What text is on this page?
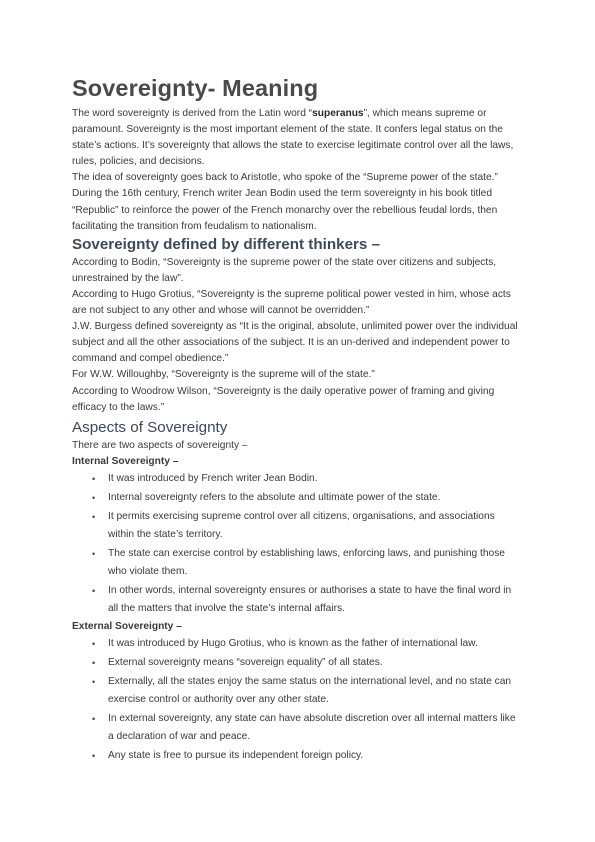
Sovereignty- Meaning

The word sovereignty is derived from the Latin word “superanus”, which means supreme or paramount. Sovereignty is the most important element of the state. It confers legal status on the state’s actions. It’s sovereignty that allows the state to exercise legitimate control over all the laws, rules, policies, and decisions.

The idea of sovereignty goes back to Aristotle, who spoke of the “Supreme power of the state.” During the 16th century, French writer Jean Bodin used the term sovereignty in his book titled “Republic” to reinforce the power of the French monarchy over the rebellious feudal lords, then facilitating the transition from feudalism to nationalism.

Sovereignty defined by different thinkers –

According to Bodin, “Sovereignty is the supreme power of the state over citizens and subjects, unrestrained by the law”.

According to Hugo Grotius, “Sovereignty is the supreme political power vested in him, whose acts are not subject to any other and whose will cannot be overridden.”

J.W. Burgess defined sovereignty as “It is the original, absolute, unlimited power over the individual subject and all the other associations of the subject. It is an un-derived and independent power to command and compel obedience.”

For W.W. Willoughby, “Sovereignty is the supreme will of the state.”

According to Woodrow Wilson, “Sovereignty is the daily operative power of framing and giving efficacy to the laws.”

Aspects of Sovereignty

There are two aspects of sovereignty –

Internal Sovereignty –

• It was introduced by French writer Jean Bodin.
• Internal sovereignty refers to the absolute and ultimate power of the state.
• It permits exercising supreme control over all citizens, organisations, and associations within the state’s territory.
• The state can exercise control by establishing laws, enforcing laws, and punishing those who violate them.
• In other words, internal sovereignty ensures or authorises a state to have the final word in all the matters that involve the state’s internal affairs.

External Sovereignty –

• It was introduced by Hugo Grotius, who is known as the father of international law.
• External sovereignty means “sovereign equality” of all states.
• Externally, all the states enjoy the same status on the international level, and no state can exercise control or authority over any other state.
• In external sovereignty, any state can have absolute discretion over all internal matters like a declaration of war and peace.
• Any state is free to pursue its independent foreign policy.
